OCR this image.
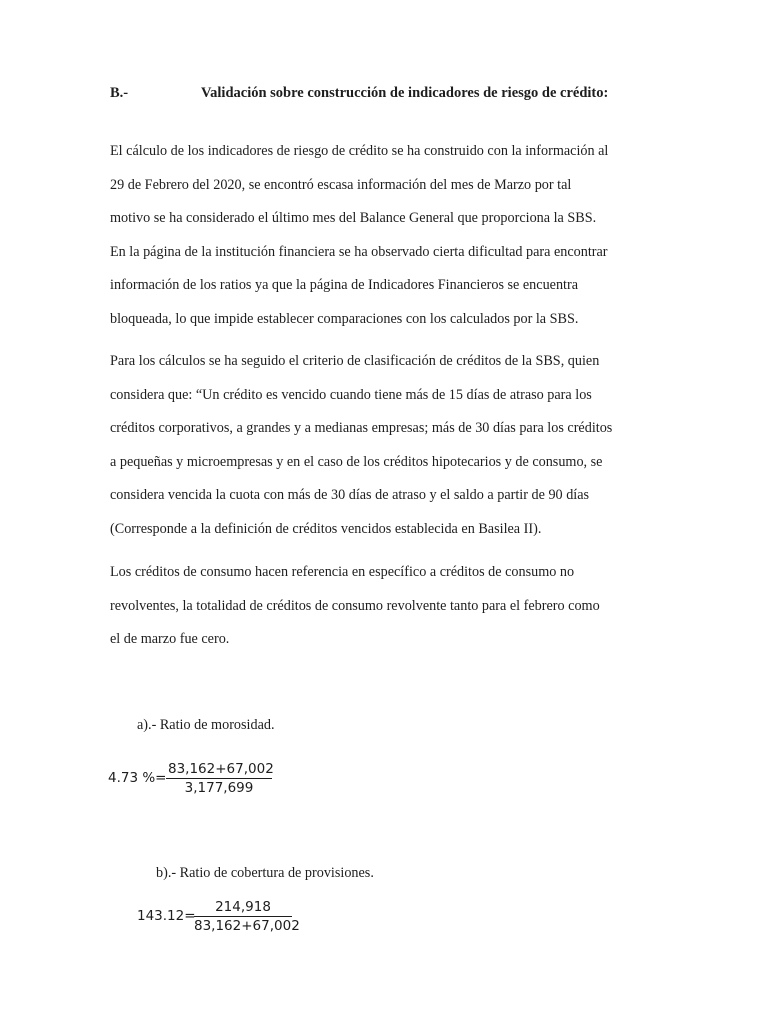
B.-	Validación sobre construcción de indicadores de riesgo de crédito:
El cálculo de los indicadores de riesgo de crédito se ha construido con la información al
29 de Febrero del 2020, se encontró escasa información del mes de Marzo por tal
motivo se ha considerado el último mes del Balance General que proporciona la SBS.
En la página de la institución financiera se ha observado cierta dificultad para encontrar
información de los ratios ya que la página de Indicadores Financieros se encuentra
bloqueada, lo que impide establecer comparaciones con los calculados por la SBS.
Para los cálculos se ha seguido el criterio de clasificación de créditos de la SBS, quien
considera que: “Un crédito es vencido cuando tiene más de 15 días de atraso para los
créditos corporativos, a grandes y a medianas empresas; más de 30 días para los créditos
a pequeñas y microempresas y en el caso de los créditos hipotecarios y de consumo, se
considera vencida la cuota con más de 30 días de atraso y el saldo a partir de 90 días
(Corresponde a la definición de créditos vencidos establecida en Basilea II).
Los créditos de consumo hacen referencia en específico a créditos de consumo no
revolventes, la totalidad de créditos de consumo revolvente tanto para el febrero como
el de marzo fue cero.
a).- Ratio de morosidad.
4.73 %=
83,162+67,002
3,177,699
b).- Ratio de cobertura de provisiones.
143.12=
214,918
83,162+67,002
